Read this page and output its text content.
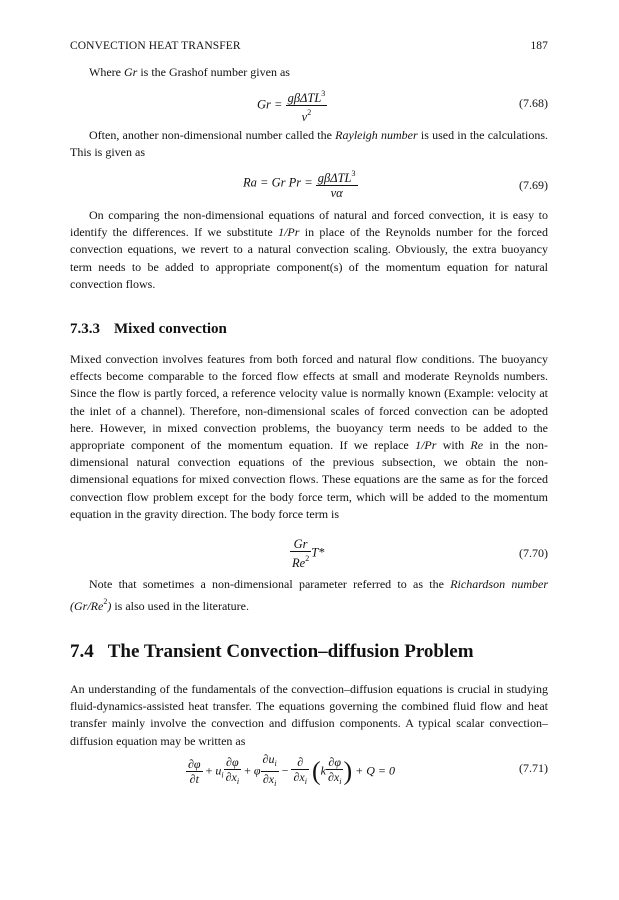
CONVECTION HEAT TRANSFER	187

Where Gr is the Grashof number given as

$Gr = \frac{g\beta\Delta TL^3}{\nu^2}$	(7.68)

Often, another non-dimensional number called the Rayleigh number is used in the calculations. This is given as

Ra = Gr $Pr = \frac{g\beta\Delta TL^3}{\nu\alpha}$	(7.69)

On comparing the non-dimensional equations of natural and forced convection, it is easy to identify the differences. If we substitute 1/Pr in place of the Reynolds number for the forced convection equations, we revert to a natural convection scaling. Obviously, the extra buoyancy term needs to be added to appropriate component(s) of the momentum equation for natural convection flows.

7.3.3 Mixed convection

Mixed convection involves features from both forced and natural flow conditions. The buoyancy effects become comparable to the forced flow effects at small and moderate Reynolds numbers. Since the flow is partly forced, a reference velocity value is normally known (Example: velocity at the inlet of a channel). Therefore, non-dimensional scales of forced convection can be adopted here. However, in mixed convection problems, the buoyancy term needs to be added to the appropriate component of the momentum equation. If we replace 1/Pr with Re in the non-dimensional natural convection equations of the previous subsection, we obtain the non-dimensional equations for mixed convection flows. These equations are the same as for the forced convection flow problem except for the body force term, which will be added to the momentum equation in the gravity direction. The body force term is

$\frac{Gr}{Re^2} T*$	(7.70)

Note that sometimes a non-dimensional parameter referred to as the Richardson number (Gr/Re$^2$) is also used in the literature.

7.4 The Transient Convection–diffusion Problem

An understanding of the fundamentals of the convection–diffusion equations is crucial in studying fluid-dynamics-assisted heat transfer. The equations governing the combined fluid flow and heat transfer mainly involve the convection and diffusion components. A typical scalar convection–diffusion equation may be written as

$\frac{\partial\varphi}{\partial t} + u_i \frac{\partial\varphi}{\partial x_i} + \varphi \frac{\partial u_i}{\partial x_i} - \frac{\partial}{\partial x_i} (k \frac{\partial\varphi}{\partial x_i}$ ) + Q = 0	(7.71)
